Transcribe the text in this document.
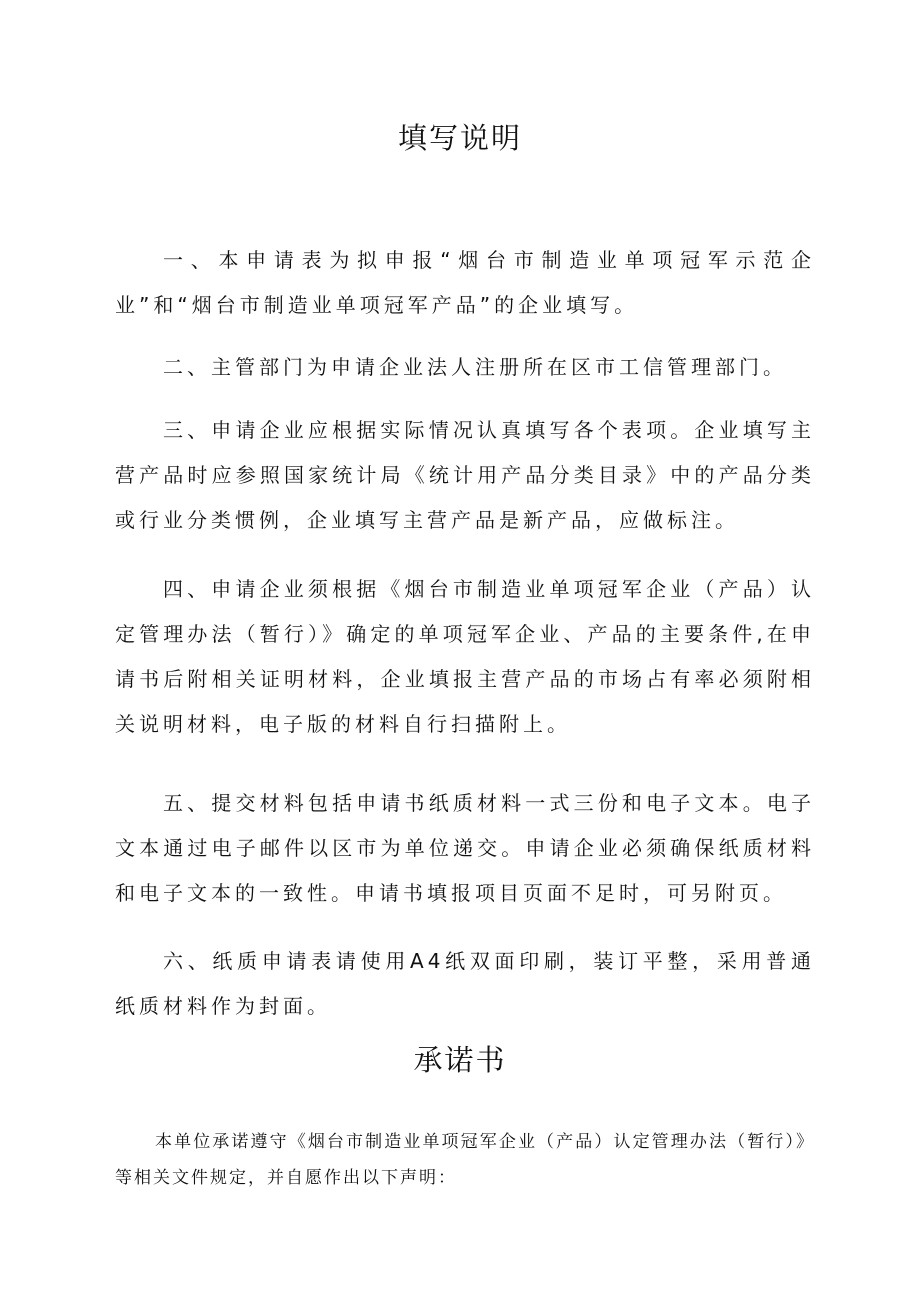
填写说明

一、本申请表为拟申报“烟台市制造业单项冠军示范企业”和“烟台市制造业单项冠军产品”的企业填写。

二、主管部门为申请企业法人注册所在区市工信管理部门。

三、申请企业应根据实际情况认真填写各个表项。企业填写主营产品时应参照国家统计局《统计用产品分类目录》中的产品分类或行业分类惯例，企业填写主营产品是新产品，应做标注。

四、申请企业须根据《烟台市制造业单项冠军企业（产品）认定管理办法（暂行）》确定的单项冠军企业、产品的主要条件,在申请书后附相关证明材料，企业填报主营产品的市场占有率必须附相关说明材料，电子版的材料自行扫描附上。

五、提交材料包括申请书纸质材料一式三份和电子文本。电子文本通过电子邮件以区市为单位递交。申请企业必须确保纸质材料和电子文本的一致性。申请书填报项目页面不足时，可另附页。

六、纸质申请表请使用A4纸双面印刷，装订平整，采用普通纸质材料作为封面。

承诺书

本单位承诺遵守《烟台市制造业单项冠军企业（产品）认定管理办法（暂行）》等相关文件规定，并自愿作出以下声明：
